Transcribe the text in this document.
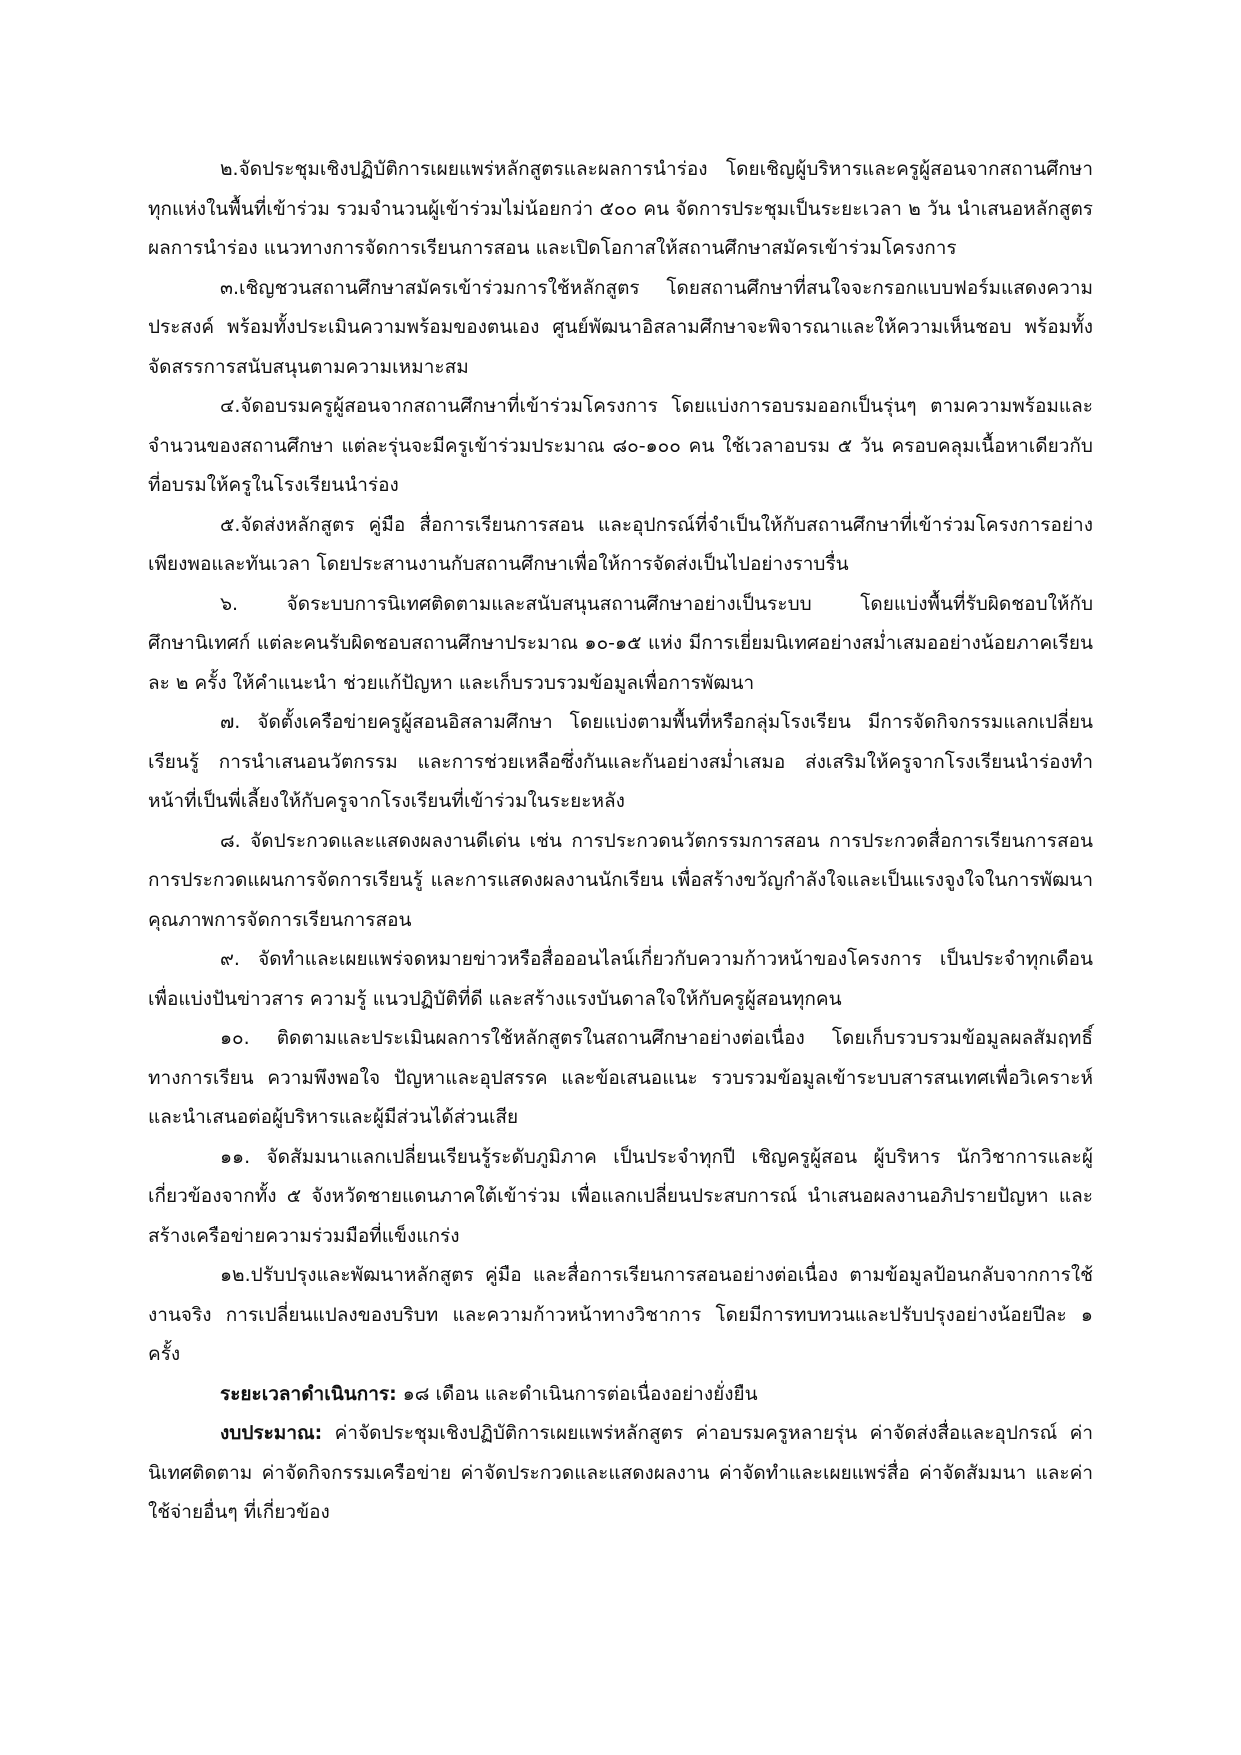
๒.จัดประชุมเชิงปฏิบัติการเผยแพร่หลักสูตรและผลการนำร่อง โดยเชิญผู้บริหารและครูผู้สอนจากสถานศึกษาทุกแห่งในพื้นที่เข้าร่วม รวมจำนวนผู้เข้าร่วมไม่น้อยกว่า ๕๐๐ คน จัดการประชุมเป็นระยะเวลา ๒ วัน นำเสนอหลักสูตร ผลการนำร่อง แนวทางการจัดการเรียนการสอน และเปิดโอกาสให้สถานศึกษาสมัครเข้าร่วมโครงการ

๓.เชิญชวนสถานศึกษาสมัครเข้าร่วมการใช้หลักสูตร โดยสถานศึกษาที่สนใจจะกรอกแบบฟอร์มแสดงความประสงค์ พร้อมทั้งประเมินความพร้อมของตนเอง ศูนย์พัฒนาอิสลามศึกษาจะพิจารณาและให้ความเห็นชอบ พร้อมทั้งจัดสรรการสนับสนุนตามความเหมาะสม

๔.จัดอบรมครูผู้สอนจากสถานศึกษาที่เข้าร่วมโครงการ โดยแบ่งการอบรมออกเป็นรุ่นๆ ตามความพร้อมและจำนวนของสถานศึกษา แต่ละรุ่นจะมีครูเข้าร่วมประมาณ ๘๐-๑๐๐ คน ใช้เวลาอบรม ๕ วัน ครอบคลุมเนื้อหาเดียวกับที่อบรมให้ครูในโรงเรียนนำร่อง

๕.จัดส่งหลักสูตร คู่มือ สื่อการเรียนการสอน และอุปกรณ์ที่จำเป็นให้กับสถานศึกษาที่เข้าร่วมโครงการอย่างเพียงพอและทันเวลา โดยประสานงานกับสถานศึกษาเพื่อให้การจัดส่งเป็นไปอย่างราบรื่น

๖. จัดระบบการนิเทศติดตามและสนับสนุนสถานศึกษาอย่างเป็นระบบ โดยแบ่งพื้นที่รับผิดชอบให้กับศึกษานิเทศก์ แต่ละคนรับผิดชอบสถานศึกษาประมาณ ๑๐-๑๕ แห่ง มีการเยี่ยมนิเทศอย่างสม่ำเสมออย่างน้อยภาคเรียนละ ๒ ครั้ง ให้คำแนะนำ ช่วยแก้ปัญหา และเก็บรวบรวมข้อมูลเพื่อการพัฒนา

๗. จัดตั้งเครือข่ายครูผู้สอนอิสลามศึกษา โดยแบ่งตามพื้นที่หรือกลุ่มโรงเรียน มีการจัดกิจกรรมแลกเปลี่ยนเรียนรู้ การนำเสนอนวัตกรรม และการช่วยเหลือซึ่งกันและกันอย่างสม่ำเสมอ ส่งเสริมให้ครูจากโรงเรียนนำร่องทำหน้าที่เป็นพี่เลี้ยงให้กับครูจากโรงเรียนที่เข้าร่วมในระยะหลัง

๘. จัดประกวดและแสดงผลงานดีเด่น เช่น การประกวดนวัตกรรมการสอน การประกวดสื่อการเรียนการสอน การประกวดแผนการจัดการเรียนรู้ และการแสดงผลงานนักเรียน เพื่อสร้างขวัญกำลังใจและเป็นแรงจูงใจในการพัฒนาคุณภาพการจัดการเรียนการสอน

๙. จัดทำและเผยแพร่จดหมายข่าวหรือสื่อออนไลน์เกี่ยวกับความก้าวหน้าของโครงการ เป็นประจำทุกเดือน เพื่อแบ่งปันข่าวสาร ความรู้ แนวปฏิบัติที่ดี และสร้างแรงบันดาลใจให้กับครูผู้สอนทุกคน

๑๐. ติดตามและประเมินผลการใช้หลักสูตรในสถานศึกษาอย่างต่อเนื่อง โดยเก็บรวบรวมข้อมูลผลสัมฤทธิ์ทางการเรียน ความพึงพอใจ ปัญหาและอุปสรรค และข้อเสนอแนะ รวบรวมข้อมูลเข้าระบบสารสนเทศเพื่อวิเคราะห์และนำเสนอต่อผู้บริหารและผู้มีส่วนได้ส่วนเสีย

๑๑. จัดสัมมนาแลกเปลี่ยนเรียนรู้ระดับภูมิภาค เป็นประจำทุกปี เชิญครูผู้สอน ผู้บริหาร นักวิชาการและผู้เกี่ยวข้องจากทั้ง ๕ จังหวัดชายแดนภาคใต้เข้าร่วม เพื่อแลกเปลี่ยนประสบการณ์ นำเสนอผลงานอภิปรายปัญหา และสร้างเครือข่ายความร่วมมือที่แข็งแกร่ง

๑๒.ปรับปรุงและพัฒนาหลักสูตร คู่มือ และสื่อการเรียนการสอนอย่างต่อเนื่อง ตามข้อมูลป้อนกลับจากการใช้งานจริง การเปลี่ยนแปลงของบริบท และความก้าวหน้าทางวิชาการ โดยมีการทบทวนและปรับปรุงอย่างน้อยปีละ ๑ ครั้ง

ระยะเวลาดำเนินการ: ๑๘ เดือน และดำเนินการต่อเนื่องอย่างยั่งยืน

งบประมาณ: ค่าจัดประชุมเชิงปฏิบัติการเผยแพร่หลักสูตร ค่าอบรมครูหลายรุ่น ค่าจัดส่งสื่อและอุปกรณ์ ค่านิเทศติดตาม ค่าจัดกิจกรรมเครือข่าย ค่าจัดประกวดและแสดงผลงาน ค่าจัดทำและเผยแพร่สื่อ ค่าจัดสัมมนา และค่าใช้จ่ายอื่นๆ ที่เกี่ยวข้อง
